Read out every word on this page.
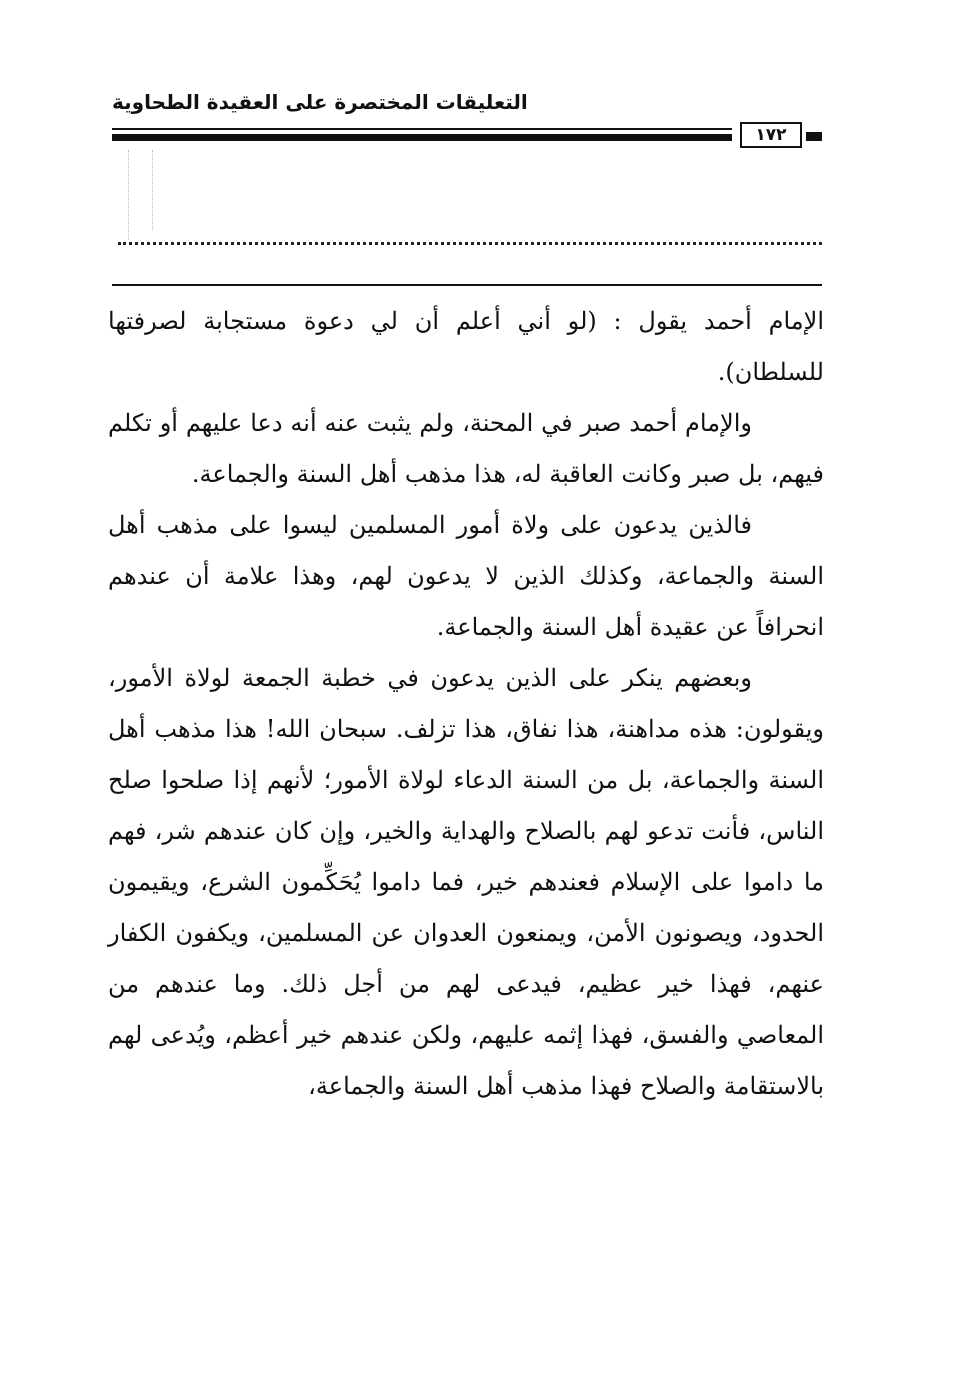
التعليقات المختصرة على العقيدة الطحاوية
١٧٢

الإمام أحمد يقول : (لو أني أعلم أن لي دعوة مستجابة لصرفتها للسلطان).

والإمام أحمد صبر في المحنة، ولم يثبت عنه أنه دعا عليهم أو تكلم فيهم، بل صبر وكانت العاقبة له، هذا مذهب أهل السنة والجماعة.

فالذين يدعون على ولاة أمور المسلمين ليسوا على مذهب أهل السنة والجماعة، وكذلك الذين لا يدعون لهم، وهذا علامة أن عندهم انحرافاً عن عقيدة أهل السنة والجماعة.

وبعضهم ينكر على الذين يدعون في خطبة الجمعة لولاة الأمور، ويقولون: هذه مداهنة، هذا نفاق، هذا تزلف. سبحان الله! هذا مذهب أهل السنة والجماعة، بل من السنة الدعاء لولاة الأمور؛ لأنهم إذا صلحوا صلح الناس، فأنت تدعو لهم بالصلاح والهداية والخير، وإن كان عندهم شر، فهم ما داموا على الإسلام فعندهم خير، فما داموا يُحَكِّمون الشرع، ويقيمون الحدود، ويصونون الأمن، ويمنعون العدوان عن المسلمين، ويكفون الكفار عنهم، فهذا خير عظيم، فيدعى لهم من أجل ذلك. وما عندهم من المعاصي والفسق، فهذا إثمه عليهم، ولكن عندهم خير أعظم، ويُدعى لهم بالاستقامة والصلاح فهذا مذهب أهل السنة والجماعة،
